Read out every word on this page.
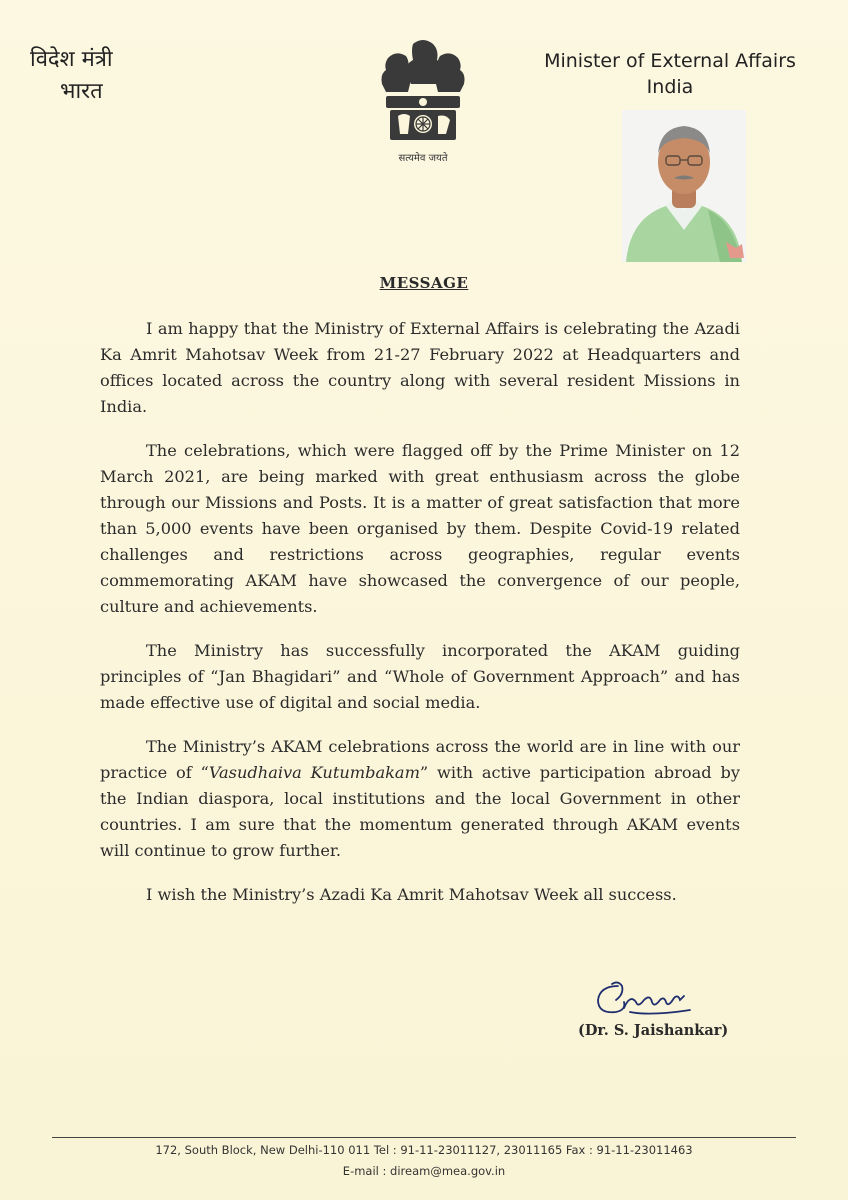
विदेश मंत्री
भारत
सत्यमेव जयते
Minister of External Affairs
India
MESSAGE

I am happy that the Ministry of External Affairs is celebrating the Azadi Ka Amrit Mahotsav Week from 21-27 February 2022 at Headquarters and offices located across the country along with several resident Missions in India.

The celebrations, which were flagged off by the Prime Minister on 12 March 2021, are being marked with great enthusiasm across the globe through our Missions and Posts. It is a matter of great satisfaction that more than 5,000 events have been organised by them. Despite Covid-19 related challenges and restrictions across geographies, regular events commemorating AKAM have showcased the convergence of our people, culture and achievements.

The Ministry has successfully incorporated the AKAM guiding principles of “Jan Bhagidari” and “Whole of Government Approach” and has made effective use of digital and social media.

The Ministry’s AKAM celebrations across the world are in line with our practice of “Vasudhaiva Kutumbakam” with active participation abroad by the Indian diaspora, local institutions and the local Government in other countries. I am sure that the momentum generated through AKAM events will continue to grow further.

I wish the Ministry’s Azadi Ka Amrit Mahotsav Week all success.

(Dr. S. Jaishankar)
172, South Block, New Delhi-110 011 Tel : 91-11-23011127, 23011165 Fax : 91-11-23011463
E-mail : diream@mea.gov.in
